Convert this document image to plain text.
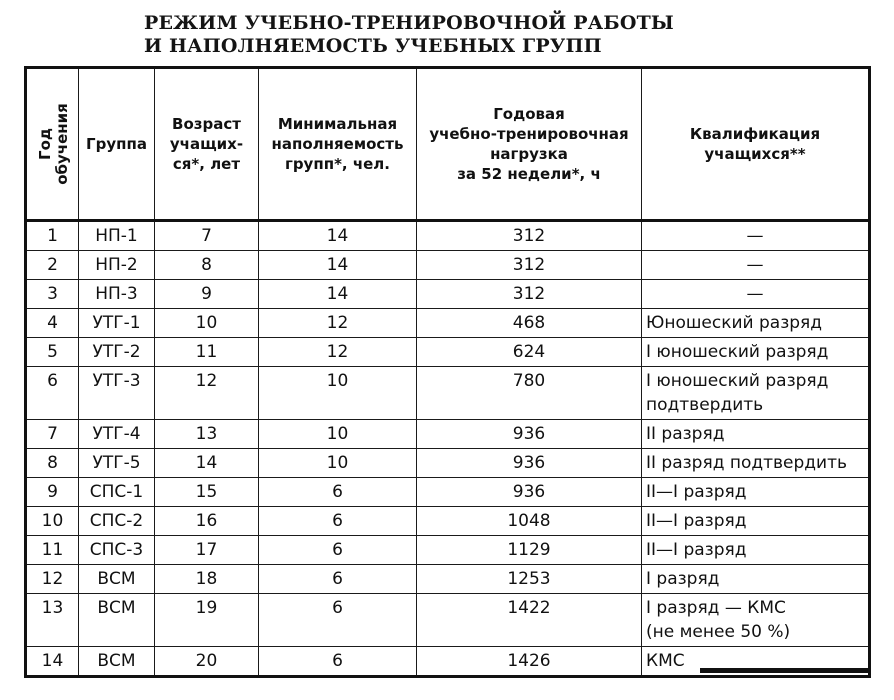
РЕЖИМ УЧЕБНО-ТРЕНИРОВОЧНОЙ РАБОТЫ
И НАПОЛНЯЕМОСТЬ УЧЕБНЫХ ГРУПП
Год обучения	Группа	Возраст
учащих-
ся*, лет	Минимальная
наполняемость
групп*, чел.	Годовая
учебно-тренировочная
нагрузка
за 52 недели*, ч	Квалификация
учащихся**

1	НП-1	7	14	312	—

2	НП-2	8	14	312	—

3	НП-3	9	14	312	—

4	УТГ-1	10	12	468	Юношеский разряд

5	УТГ-2	11	12	624	I юношеский разряд

6	УТГ-3	12	10	780	I юношеский разряд
подтвердить

7	УТГ-4	13	10	936	II разряд

8	УТГ-5	14	10	936	II разряд подтвердить

9	СПС-1	15	6	936	II—I разряд

10	СПС-2	16	6	1048	II—I разряд

11	СПС-3	17	6	1129	II—I разряд

12	ВСМ	18	6	1253	I разряд

13	ВСМ	19	6	1422	I разряд — КМС
(не менее 50 %)

14	ВСМ	20	6	1426	КМС
